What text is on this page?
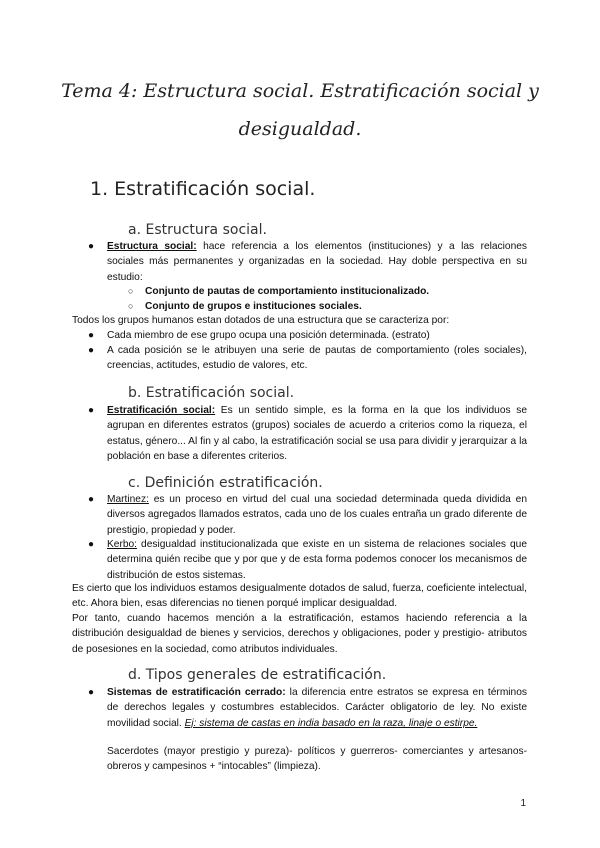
Tema 4: Estructura social. Estratificación social y desigualdad.
1. Estratificación social.
a. Estructura social.
● Estructura social: hace referencia a los elementos (instituciones) y a las relaciones sociales más permanentes y organizadas en la sociedad. Hay doble perspectiva en su estudio:
○ Conjunto de pautas de comportamiento institucionalizado.
○ Conjunto de grupos e instituciones sociales.
Todos los grupos humanos estan dotados de una estructura que se caracteriza por:
● Cada miembro de ese grupo ocupa una posición determinada. (estrato)
● A cada posición se le atribuyen una serie de pautas de comportamiento (roles sociales), creencias, actitudes, estudio de valores, etc.
b. Estratificación social.
● Estratificación social: Es un sentido simple, es la forma en la que los individuos se agrupan en diferentes estratos (grupos) sociales de acuerdo a criterios como la riqueza, el estatus, género... Al fin y al cabo, la estratificación social se usa para dividir y jerarquizar a la población en base a diferentes criterios.
c. Definición estratificación.
● Martinez: es un proceso en virtud del cual una sociedad determinada queda dividida en diversos agregados llamados estratos, cada uno de los cuales entraña un grado diferente de prestigio, propiedad y poder.
● Kerbo: desigualdad institucionalizada que existe en un sistema de relaciones sociales que determina quién recibe que y por que y de esta forma podemos conocer los mecanismos de distribución de estos sistemas.
Es cierto que los individuos estamos desigualmente dotados de salud, fuerza, coeficiente intelectual, etc. Ahora bien, esas diferencias no tienen porqué implicar desigualdad.
Por tanto, cuando hacemos mención a la estratificación, estamos haciendo referencia a la distribución desigualdad de bienes y servicios, derechos y obligaciones, poder y prestigio- atributos de posesiones en la sociedad, como atributos individuales.
d. Tipos generales de estratificación.
● Sistemas de estratificación cerrado: la diferencia entre estratos se expresa en términos de derechos legales y costumbres establecidos. Carácter obligatorio de ley. No existe movilidad social. Ej: sistema de castas en india basado en la raza, linaje o estirpe.
Sacerdotes (mayor prestigio y pureza)- políticos y guerreros- comerciantes y artesanos- obreros y campesinos + “intocables” (limpieza).
1
